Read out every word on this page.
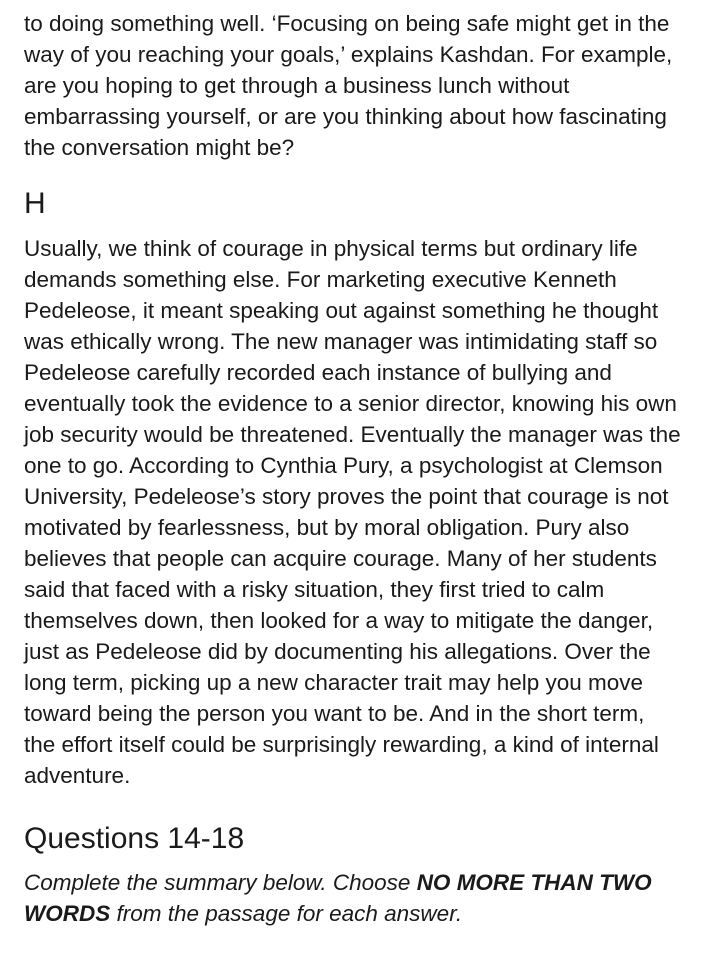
to doing something well. ‘Focusing on being safe might get in the
way of you reaching your goals,’ explains Kashdan. For example,
are you hoping to get through a business lunch without
embarrassing yourself, or are you thinking about how fascinating
the conversation might be?
H
Usually, we think of courage in physical terms but ordinary life
demands something else. For marketing executive Kenneth
Pedeleose, it meant speaking out against something he thought
was ethically wrong. The new manager was intimidating staff so
Pedeleose carefully recorded each instance of bullying and
eventually took the evidence to a senior director, knowing his own
job security would be threatened. Eventually the manager was the
one to go. According to Cynthia Pury, a psychologist at Clemson
University, Pedeleose’s story proves the point that courage is not
motivated by fearlessness, but by moral obligation. Pury also
believes that people can acquire courage. Many of her students
said that faced with a risky situation, they first tried to calm
themselves down, then looked for a way to mitigate the danger,
just as Pedeleose did by documenting his allegations. Over the
long term, picking up a new character trait may help you move
toward being the person you want to be. And in the short term,
the effort itself could be surprisingly rewarding, a kind of internal
adventure.
Questions 14-18
Complete the summary below. Choose NO MORE THAN TWO
WORDS from the passage for each answer.
